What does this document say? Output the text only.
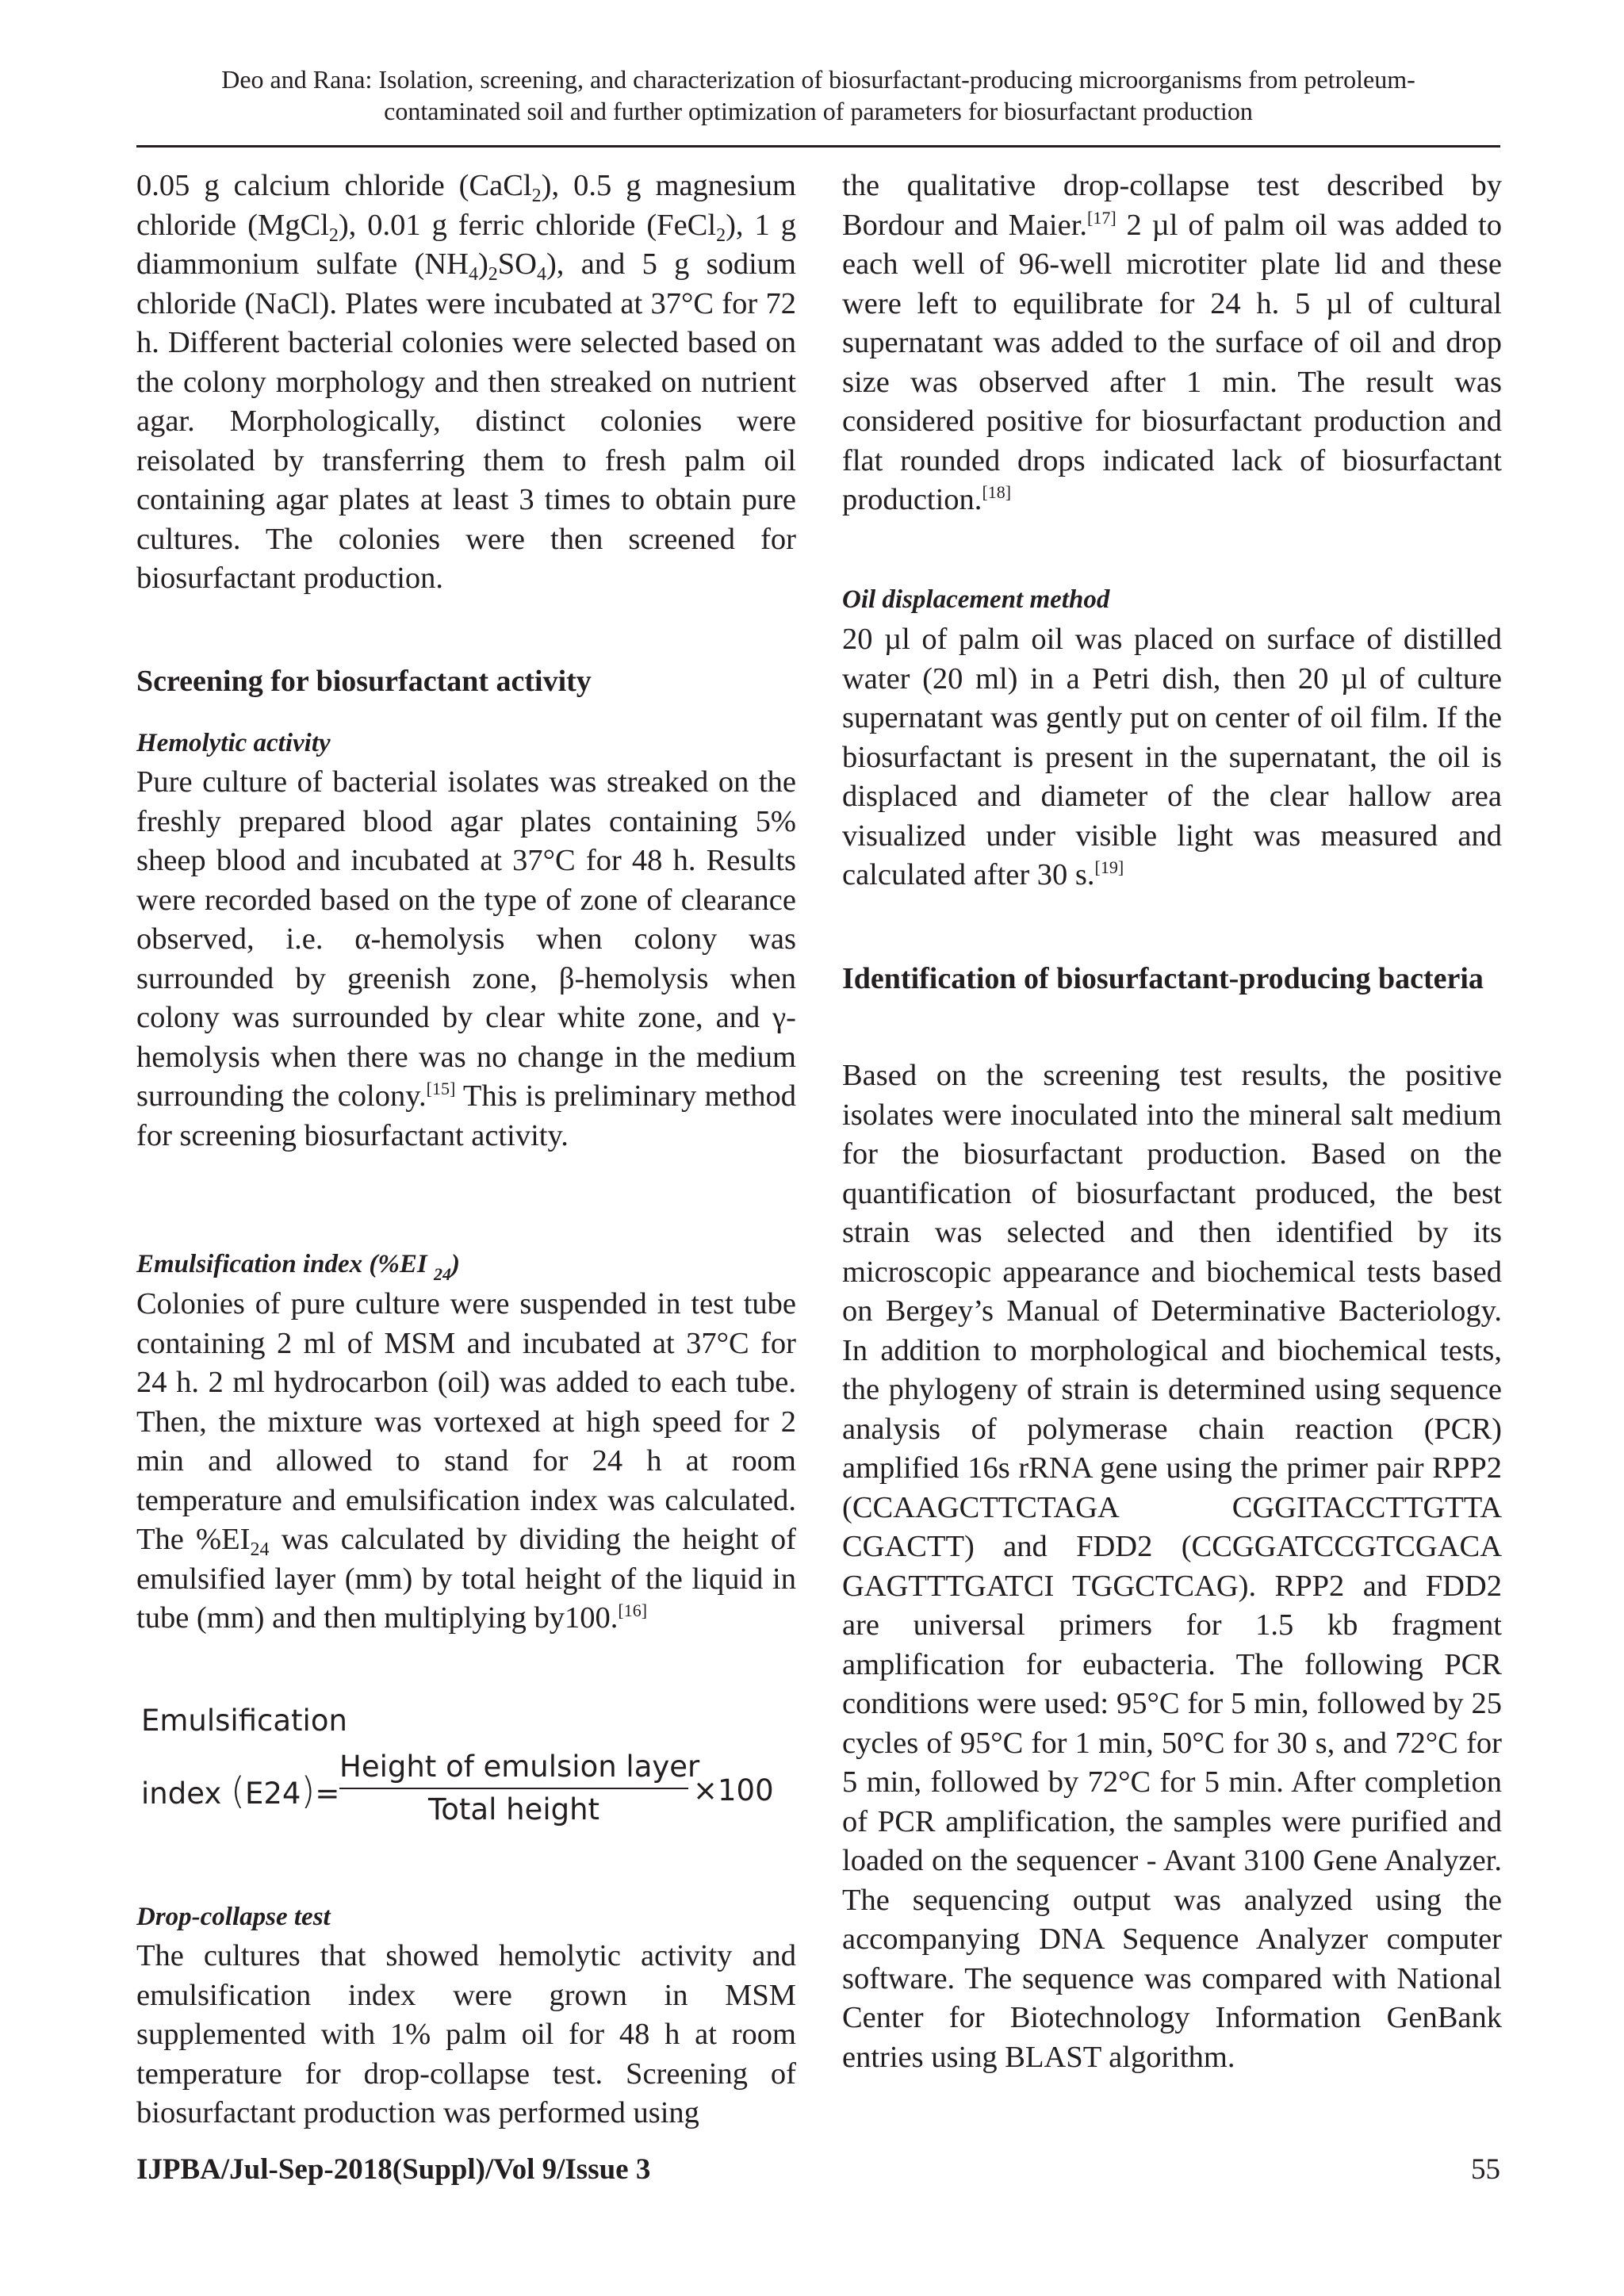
Deo and Rana: Isolation, screening, and characterization of biosurfactant-producing microorganisms from petroleum-
contaminated soil and further optimization of parameters for biosurfactant production

0.05 g calcium chloride (CaCl$_2$), 0.5 g magnesium chloride (MgCl$_2$), 0.01 g ferric chloride (FeCl$_2$), 1 g diammonium sulfate $(NH_4)_2SO_4$), and 5 g sodium chloride (NaCl). Plates were incubated at 37°C for 72 h. Different bacterial colonies were selected based on the colony morphology and then streaked on nutrient agar. Morphologically, distinct colonies were reisolated by transferring them to fresh palm oil containing agar plates at least 3 times to obtain pure cultures. The colonies were then screened for biosurfactant production.

Screening for biosurfactant activity
Hemolytic activity

Pure culture of bacterial isolates was streaked on the freshly prepared blood agar plates containing 5% sheep blood and incubated at 37°C for 48 h. Results were recorded based on the type of zone of clearance observed, i.e. α-hemolysis when colony was surrounded by greenish zone, β-hemolysis when colony was surrounded by clear white zone, and γ-hemolysis when there was no change in the medium surrounding the colony.[15] This is preliminary method for screening biosurfactant activity.

Emulsification index (%EI $_{24}$)

Colonies of pure culture were suspended in test tube containing 2 ml of MSM and incubated at 37°C for 24 h. 2 ml hydrocarbon (oil) was added to each tube. Then, the mixture was vortexed at high speed for 2 min and allowed to stand for 24 h at room temperature and emulsification index was calculated. The $\%EI_{24}$ was calculated by dividing the height of emulsified layer (mm) by total height of the liquid in tube (mm) and then multiplying by100.[16]

Emulsification
index (E24)=
Height of emulsion layer
Total height
×100
Drop-collapse test

The cultures that showed hemolytic activity and emulsification index were grown in MSM supplemented with 1% palm oil for 48 h at room temperature for drop-collapse test. Screening of biosurfactant production was performed using

the qualitative drop-collapse test described by Bordour and Maier.[17] 2 µl of palm oil was added to each well of 96-well microtiter plate lid and these were left to equilibrate for 24 h. 5 µl of cultural supernatant was added to the surface of oil and drop size was observed after 1 min. The result was considered positive for biosurfactant production and flat rounded drops indicated lack of biosurfactant production.[18]

Oil displacement method

20 µl of palm oil was placed on surface of distilled water (20 ml) in a Petri dish, then 20 µl of culture supernatant was gently put on center of oil film. If the biosurfactant is present in the supernatant, the oil is displaced and diameter of the clear hallow area visualized under visible light was measured and calculated after 30 s.[19]

Identification of biosurfactant-producing bacteria

Based on the screening test results, the positive isolates were inoculated into the mineral salt medium for the biosurfactant production. Based on the quantification of biosurfactant produced, the best strain was selected and then identified by its microscopic appearance and biochemical tests based on Bergey’s Manual of Determinative Bacteriology. In addition to morphological and biochemical tests, the phylogeny of strain is determined using sequence analysis of polymerase chain reaction (PCR) amplified 16s rRNA gene using the primer pair RPP2 (CCAAGCTTCTAGA CGGITACCTTGTTA CGACTT) and FDD2 (CCGGATCCGTCGACA GAGTTTGATCI TGGCTCAG). RPP2 and FDD2 are universal primers for 1.5 kb fragment amplification for eubacteria. The following PCR conditions were used: 95°C for 5 min, followed by 25 cycles of 95°C for 1 min, 50°C for 30 s, and 72°C for 5 min, followed by 72°C for 5 min. After completion of PCR amplification, the samples were purified and loaded on the sequencer - Avant 3100 Gene Analyzer. The sequencing output was analyzed using the accompanying DNA Sequence Analyzer computer software. The sequence was compared with National Center for Biotechnology Information GenBank entries using BLAST algorithm.

IJPBA/Jul-Sep-2018(Suppl)/Vol 9/Issue 3	55
